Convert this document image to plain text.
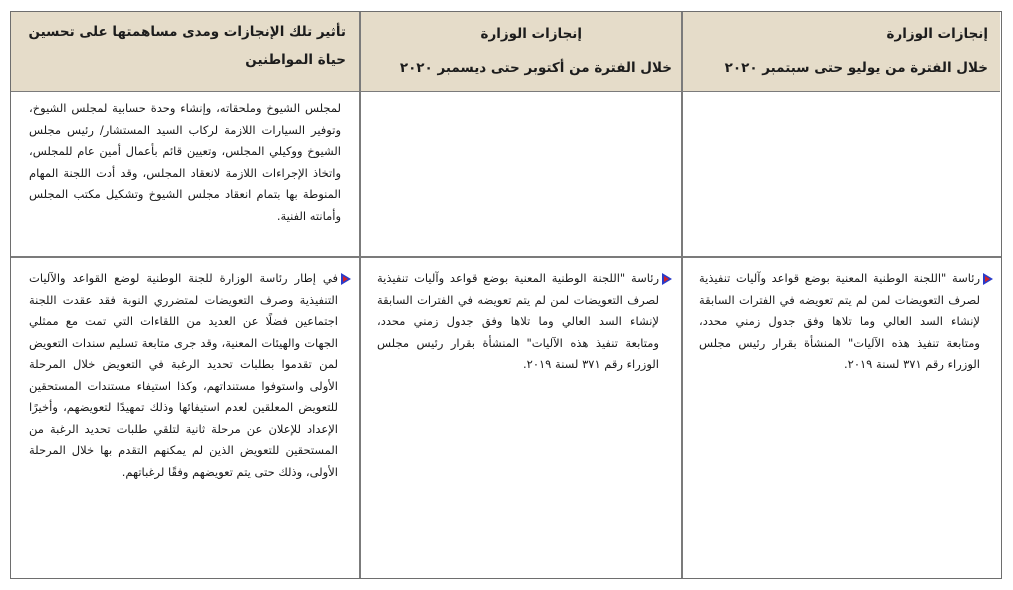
إنجازات الوزارة
خلال الفترة من يوليو حتى سبتمبر ٢٠٢٠
إنجازات الوزارة
خلال الفترة من أكتوبر حتى ديسمبر ٢٠٢٠
تأثير تلك الإنجازات ومدى مساهمتها على تحسين
حياة المواطنين
لمجلس الشيوخ وملحقاته، وإنشاء وحدة حسابية لمجلس الشيوخ، وتوفير السيارات اللازمة لركاب السيد المستشار/ رئيس مجلس الشيوخ ووكيلي المجلس، وتعيين قائم بأعمال أمين عام للمجلس، واتخاذ الإجراءات اللازمة لانعقاد المجلس، وقد أدت اللجنة المهام المنوطة بها بتمام انعقاد مجلس الشيوخ وتشكيل مكتب المجلس وأمانته الفنية.
رئاسة "اللجنة الوطنية المعنية بوضع قواعد وآليات تنفيذية لصرف التعويضات لمن لم يتم تعويضه في الفترات السابقة لإنشاء السد العالي وما تلاها وفق جدول زمني محدد، ومتابعة تنفيذ هذه الآليات" المنشأة بقرار رئيس مجلس الوزراء رقم ٣٧١ لسنة ٢٠١٩.
رئاسة "اللجنة الوطنية المعنية بوضع قواعد وآليات تنفيذية لصرف التعويضات لمن لم يتم تعويضه في الفترات السابقة لإنشاء السد العالي وما تلاها وفق جدول زمني محدد، ومتابعة تنفيذ هذه الآليات" المنشأة بقرار رئيس مجلس الوزراء رقم ٣٧١ لسنة ٢٠١٩.
في إطار رئاسة الوزارة للجنة الوطنية لوضع القواعد والآليات التنفيذية وصرف التعويضات لمتضرري النوبة فقد عقدت اللجنة اجتماعين فضلًا عن العديد من اللقاءات التي تمت مع ممثلي الجهات والهيئات المعنية، وقد جرى متابعة تسليم سندات التعويض لمن تقدموا بطلبات تحديد الرغبة في التعويض خلال المرحلة الأولى واستوفوا مستنداتهم، وكذا استيفاء مستندات المستحقين للتعويض المعلقين لعدم استيفائها وذلك تمهيدًا لتعويضهم، وأخيرًا الإعداد للإعلان عن مرحلة ثانية لتلقي طلبات تحديد الرغبة من المستحقين للتعويض الذين لم يمكنهم التقدم بها خلال المرحلة الأولى، وذلك حتى يتم تعويضهم وفقًا لرغباتهم.
